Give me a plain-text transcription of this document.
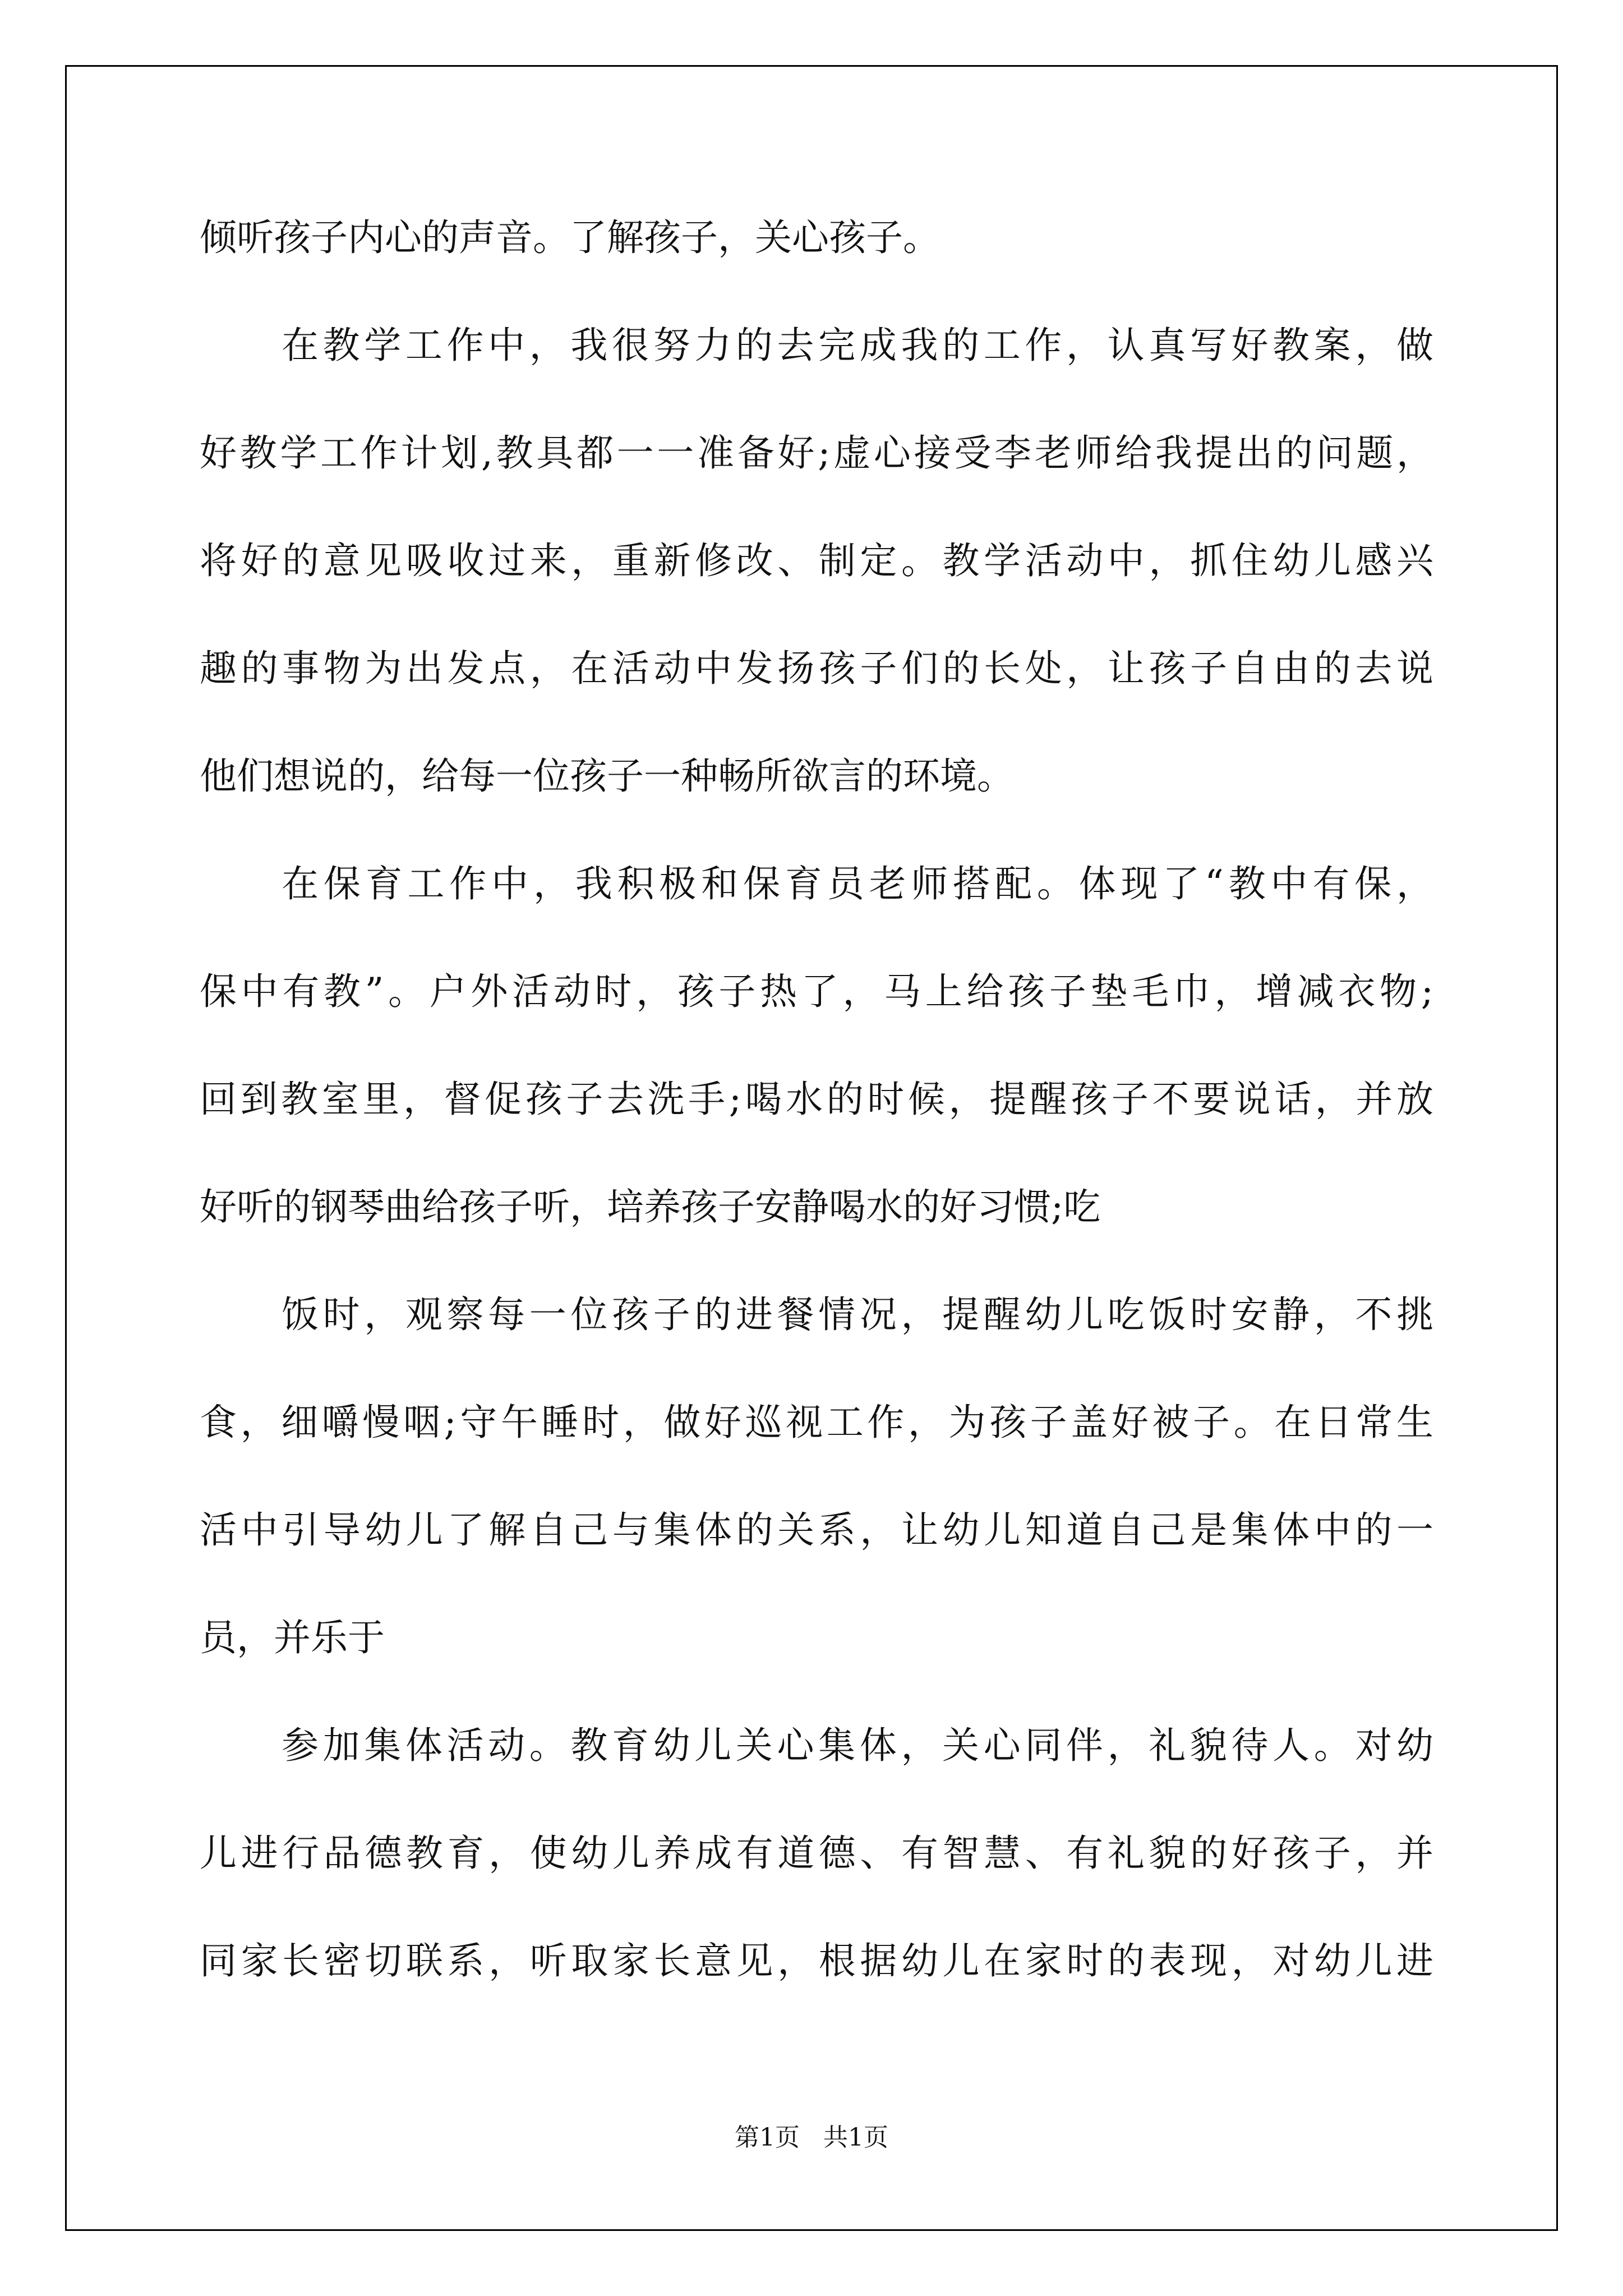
倾听孩子内心的声音。了解孩子，关心孩子。
在教学工作中，我很努力的去完成我的工作，认真写好教案，做
好教学工作计划,教具都一一准备好;虚心接受李老师给我提出的问题，
将好的意见吸收过来，重新修改、制定。教学活动中，抓住幼儿感兴
趣的事物为出发点，在活动中发扬孩子们的长处，让孩子自由的去说
他们想说的，给每一位孩子一种畅所欲言的环境。
在保育工作中，我积极和保育员老师搭配。体现了“教中有保，
保中有教”。户外活动时，孩子热了，马上给孩子垫毛巾，增减衣物;
回到教室里，督促孩子去洗手;喝水的时候，提醒孩子不要说话，并放
好听的钢琴曲给孩子听，培养孩子安静喝水的好习惯;吃
饭时，观察每一位孩子的进餐情况，提醒幼儿吃饭时安静，不挑
食，细嚼慢咽;守午睡时，做好巡视工作，为孩子盖好被子。在日常生
活中引导幼儿了解自己与集体的关系，让幼儿知道自己是集体中的一
员，并乐于
参加集体活动。教育幼儿关心集体，关心同伴，礼貌待人。对幼
儿进行品德教育，使幼儿养成有道德、有智慧、有礼貌的好孩子，并
同家长密切联系，听取家长意见，根据幼儿在家时的表现，对幼儿进
第1页   共1页
